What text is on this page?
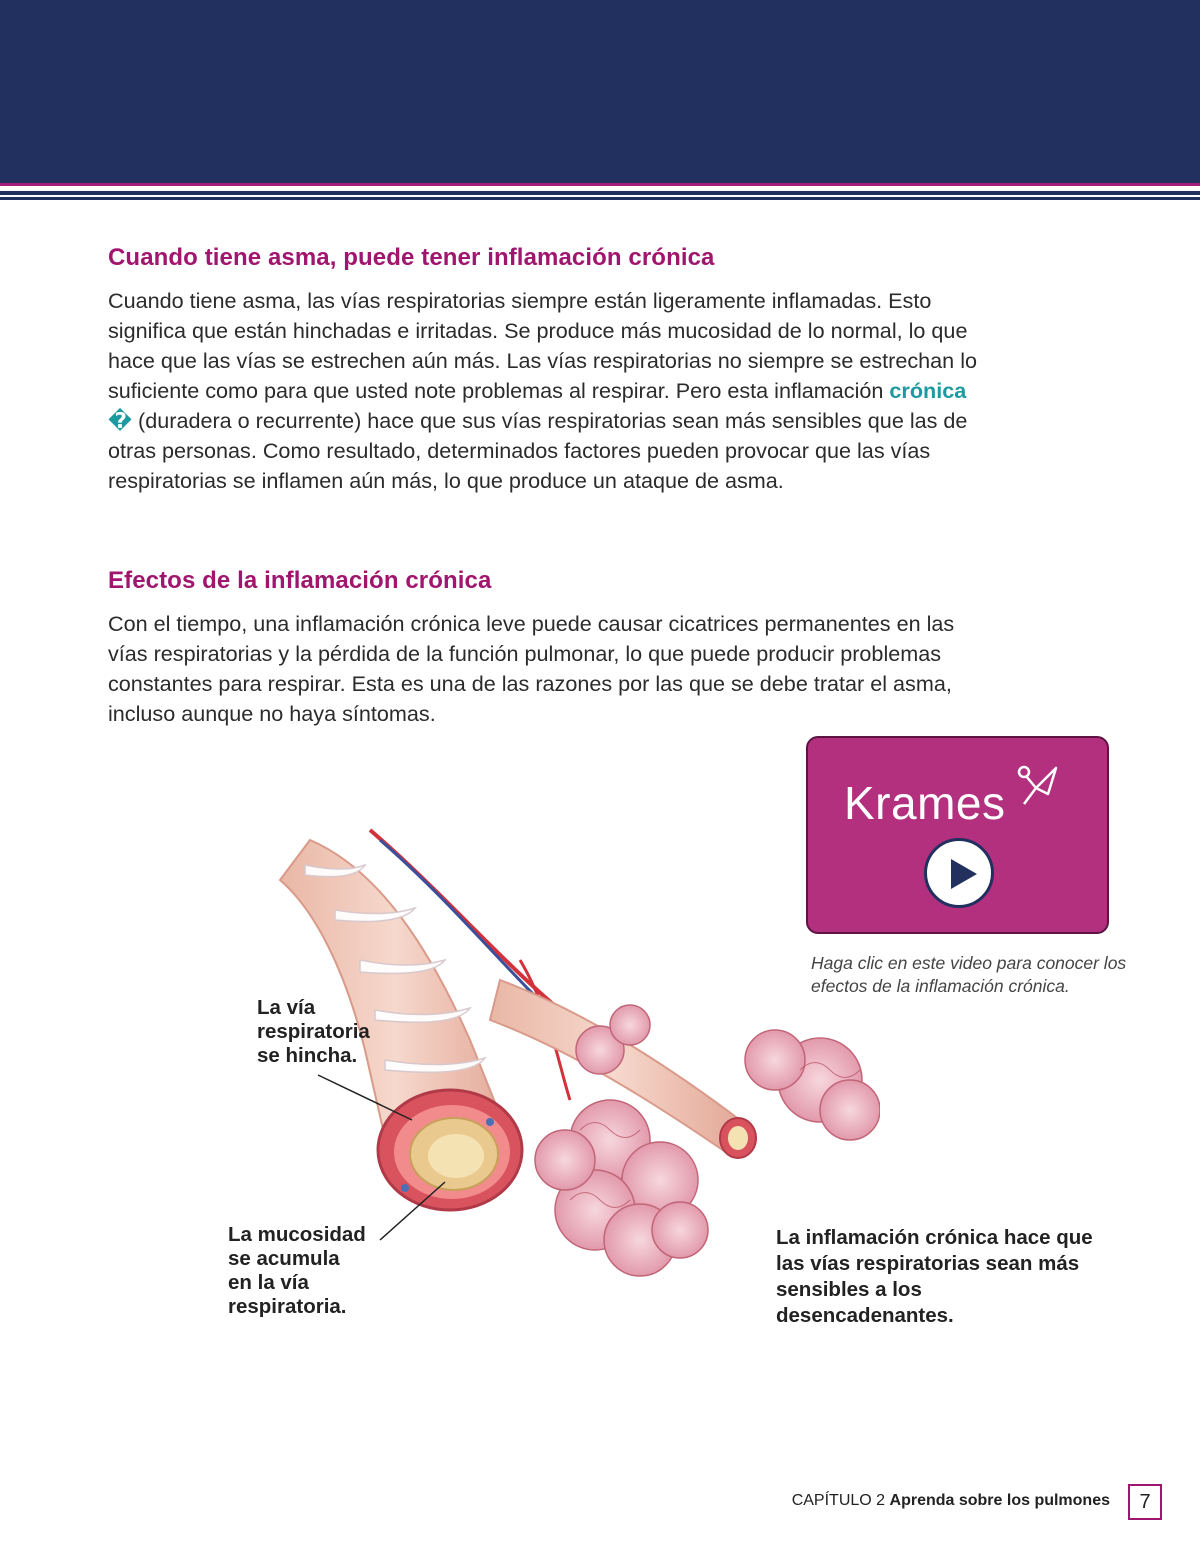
Cuando tiene asma, puede tener inflamación crónica

Cuando tiene asma, las vías respiratorias siempre están ligeramente inflamadas. Esto significa que están hinchadas e irritadas. Se produce más mucosidad de lo normal, lo que hace que las vías se estrechen aún más. Las vías respiratorias no siempre se estrechan lo suficiente como para que usted note problemas al respirar. Pero esta inflamación crónica � (duradera o recurrente) hace que sus vías respiratorias sean más sensibles que las de otras personas. Como resultado, determinados factores pueden provocar que las vías respiratorias se inflamen aún más, lo que produce un ataque de asma.

Efectos de la inflamación crónica

Con el tiempo, una inflamación crónica leve puede causar cicatrices permanentes en las vías respiratorias y la pérdida de la función pulmonar, lo que puede producir problemas constantes para respirar. Esta es una de las razones por las que se debe tratar el asma, incluso aunque no haya síntomas.

Krames

Haga clic en este video para conocer los efectos de la inflamación crónica.

La vía
respiratoria
se hincha.

La mucosidad
se acumula
en la vía
respiratoria.

La inflamación crónica hace que las vías respiratorias sean más sensibles a los desencadenantes.

CAPÍTULO 2 Aprenda sobre los pulmones	7
